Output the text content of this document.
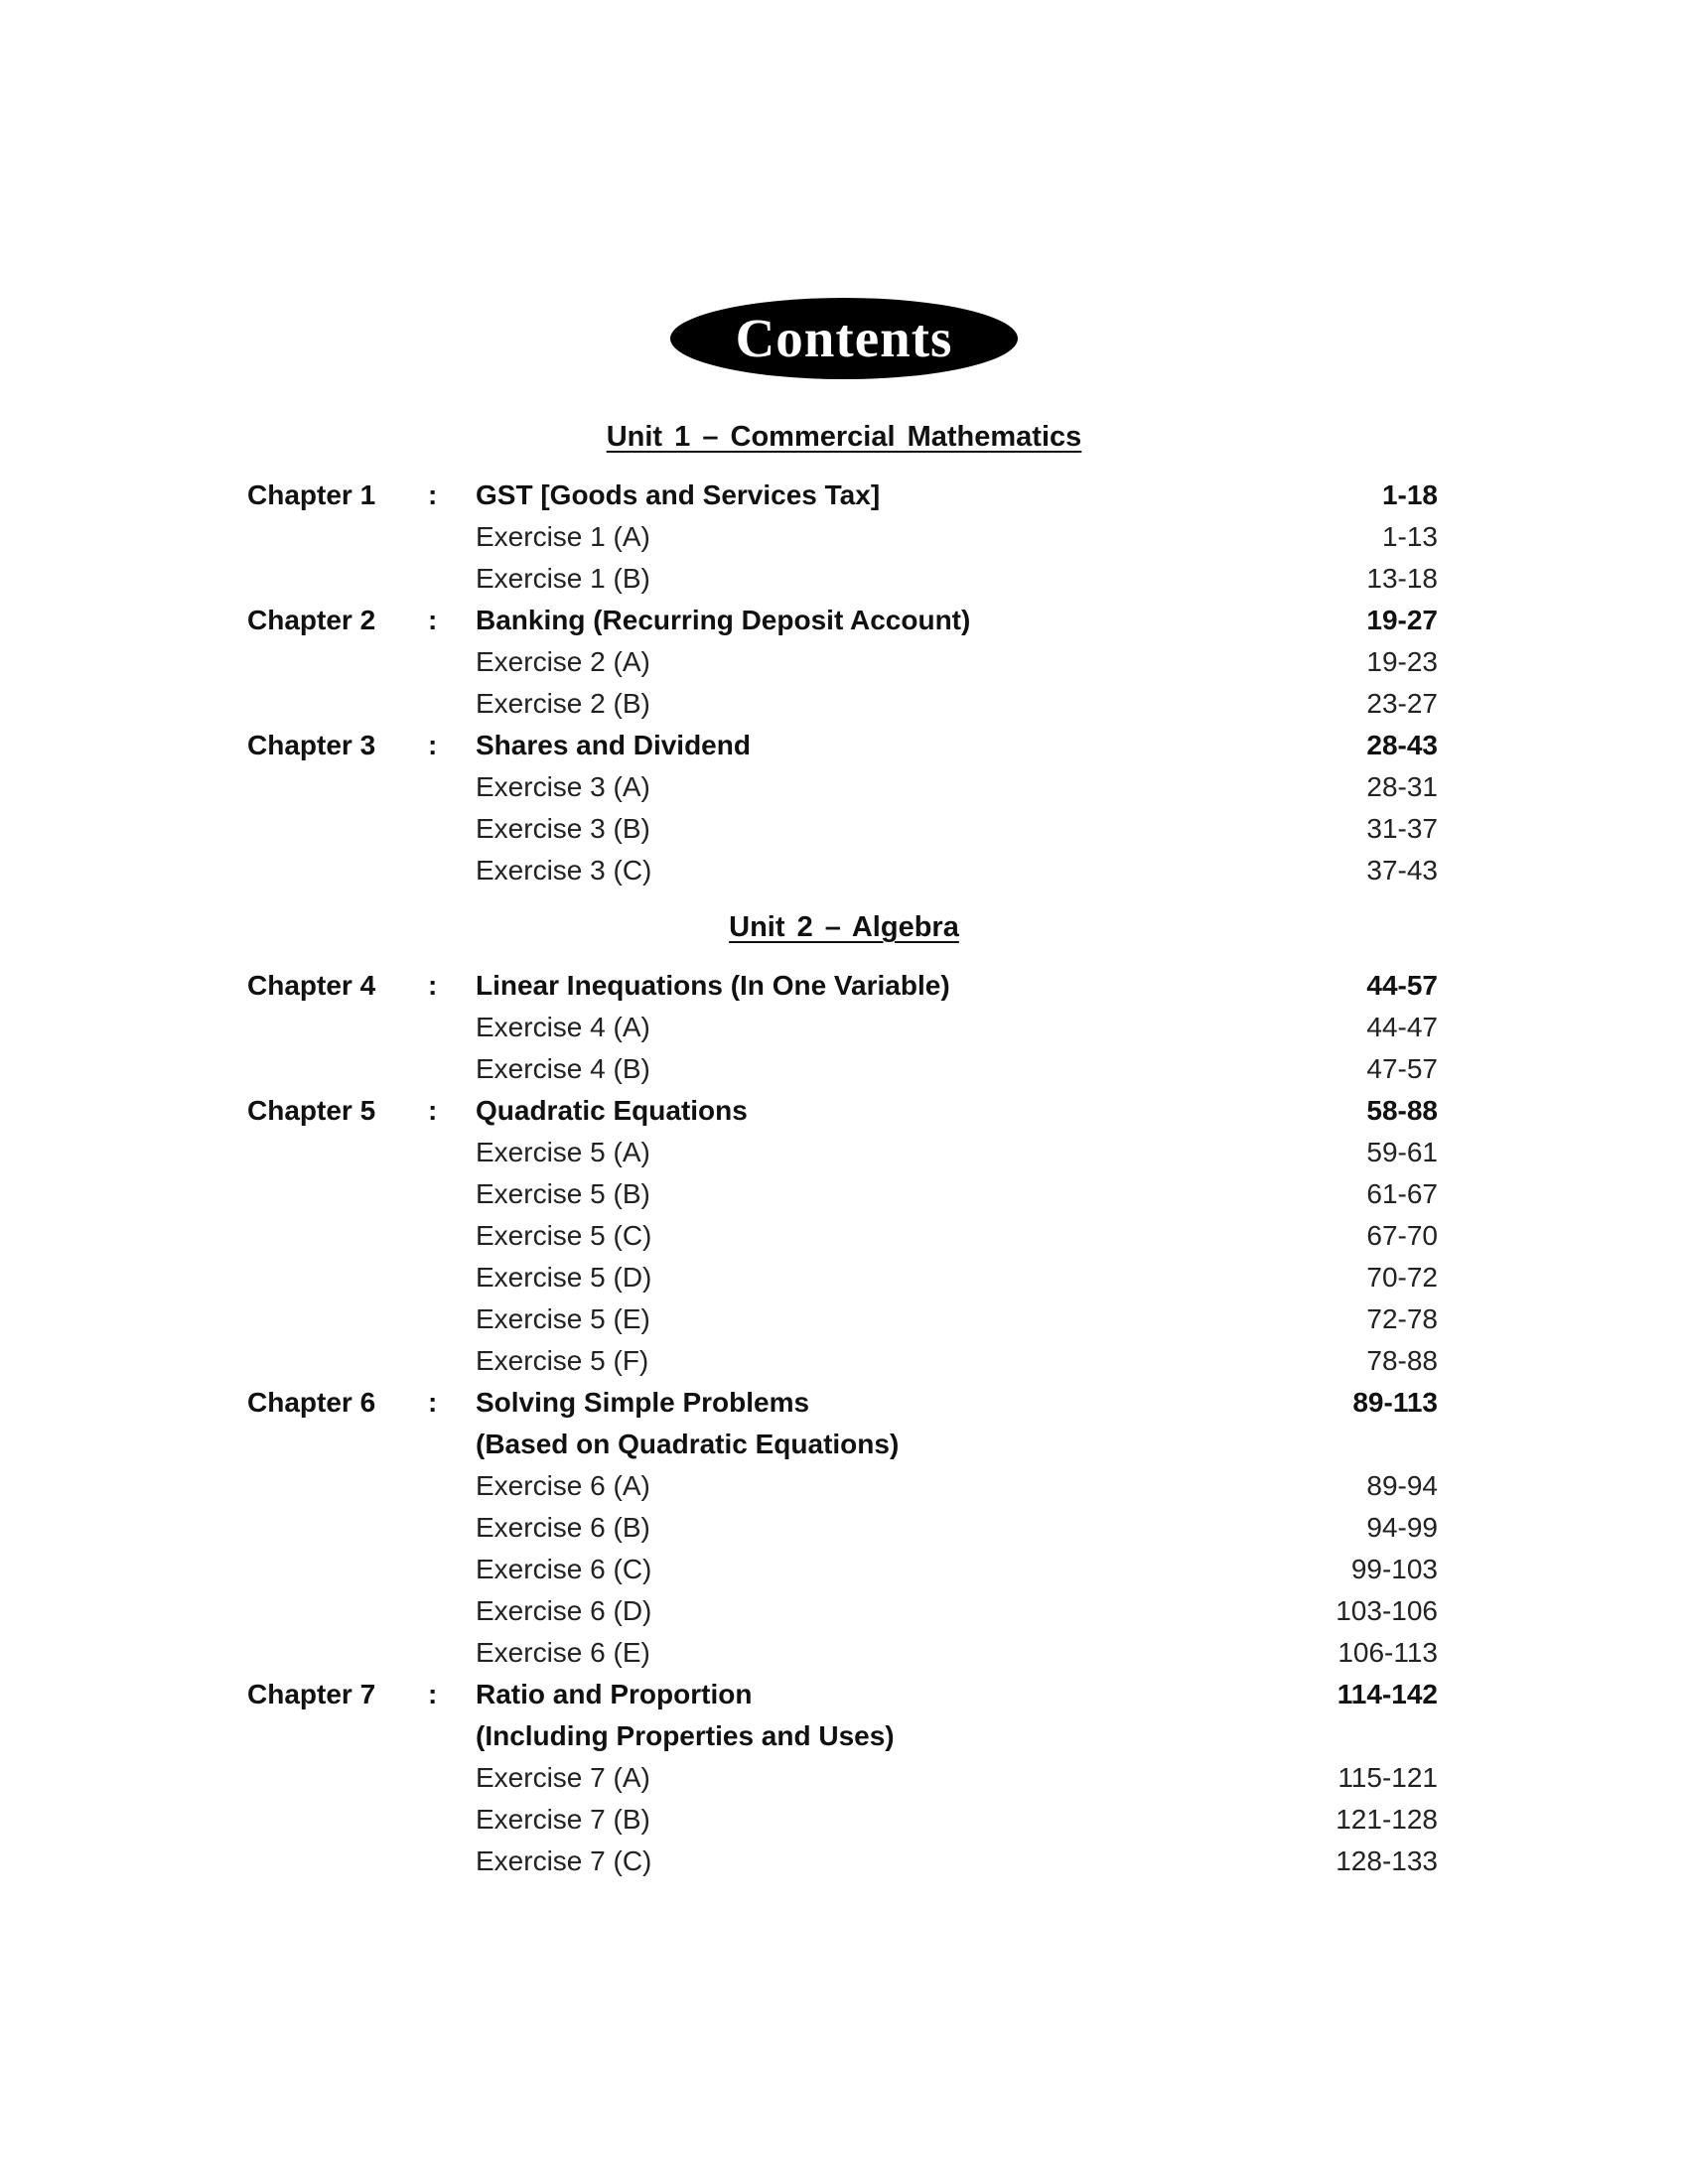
Contents
Unit 1 – Commercial Mathematics
Chapter 1 : GST [Goods and Services Tax]	1-18
Exercise 1 (A)	1-13
Exercise 1 (B)	13-18
Chapter 2 : Banking (Recurring Deposit Account)	19-27
Exercise 2 (A)	19-23
Exercise 2 (B)	23-27
Chapter 3 : Shares and Dividend	28-43
Exercise 3 (A)	28-31
Exercise 3 (B)	31-37
Exercise 3 (C)	37-43
Unit 2 – Algebra
Chapter 4 : Linear Inequations (In One Variable)	44-57
Exercise 4 (A)	44-47
Exercise 4 (B)	47-57
Chapter 5 : Quadratic Equations	58-88
Exercise 5 (A)	59-61
Exercise 5 (B)	61-67
Exercise 5 (C)	67-70
Exercise 5 (D)	70-72
Exercise 5 (E)	72-78
Exercise 5 (F)	78-88
Chapter 6 : Solving Simple Problems	89-113
(Based on Quadratic Equations)
Exercise 6 (A)	89-94
Exercise 6 (B)	94-99
Exercise 6 (C)	99-103
Exercise 6 (D)	103-106
Exercise 6 (E)	106-113
Chapter 7 : Ratio and Proportion	114-142
(Including Properties and Uses)
Exercise 7 (A)	115-121
Exercise 7 (B)	121-128
Exercise 7 (C)	128-133
